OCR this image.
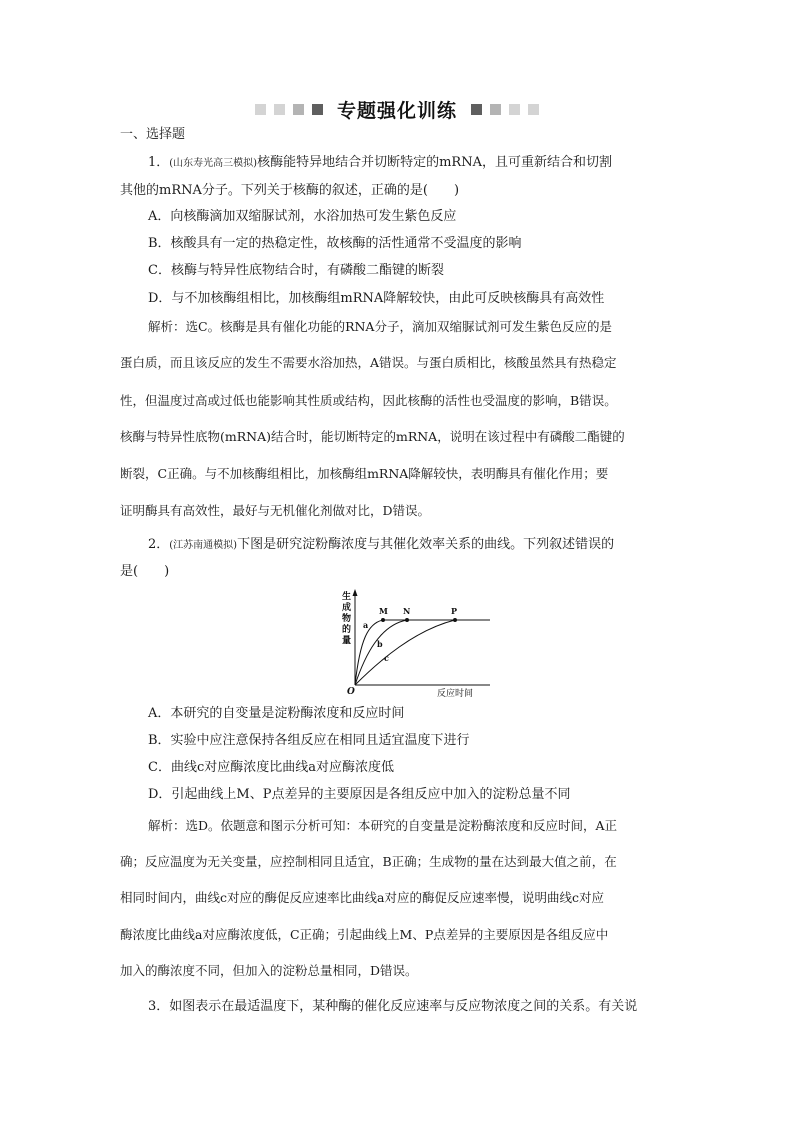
专题强化训练
一、选择题
1．(山东寿光高三模拟)核酶能特异地结合并切断特定的mRNA，且可重新结合和切割
其他的mRNA分子。下列关于核酶的叙述，正确的是(　　)
A．向核酶滴加双缩脲试剂，水浴加热可发生紫色反应
B．核酸具有一定的热稳定性，故核酶的活性通常不受温度的影响
C．核酶与特异性底物结合时，有磷酸二酯键的断裂
D．与不加核酶组相比，加核酶组mRNA降解较快，由此可反映核酶具有高效性
解析：选C。核酶是具有催化功能的RNA分子，滴加双缩脲试剂可发生紫色反应的是
蛋白质，而且该反应的发生不需要水浴加热，A错误。与蛋白质相比，核酸虽然具有热稳定
性，但温度过高或过低也能影响其性质或结构，因此核酶的活性也受温度的影响，B错误。
核酶与特异性底物(mRNA)结合时，能切断特定的mRNA，说明在该过程中有磷酸二酯键的
断裂，C正确。与不加核酶组相比，加核酶组mRNA降解较快，表明酶具有催化作用；要
证明酶具有高效性，最好与无机催化剂做对比，D错误。
2．(江苏南通模拟)下图是研究淀粉酶浓度与其催化效率关系的曲线。下列叙述错误的
是(　　)
生
成
物
的
量
O	反应时间
M N	P
a
b
c
A．本研究的自变量是淀粉酶浓度和反应时间
B．实验中应注意保持各组反应在相同且适宜温度下进行
C．曲线c对应酶浓度比曲线a对应酶浓度低
D．引起曲线上M、P点差异的主要原因是各组反应中加入的淀粉总量不同
解析：选D。依题意和图示分析可知：本研究的自变量是淀粉酶浓度和反应时间，A正
确；反应温度为无关变量，应控制相同且适宜，B正确；生成物的量在达到最大值之前，在
相同时间内，曲线c对应的酶促反应速率比曲线a对应的酶促反应速率慢，说明曲线c对应
酶浓度比曲线a对应酶浓度低，C正确；引起曲线上M、P点差异的主要原因是各组反应中
加入的酶浓度不同，但加入的淀粉总量相同，D错误。
3．如图表示在最适温度下，某种酶的催化反应速率与反应物浓度之间的关系。有关说
